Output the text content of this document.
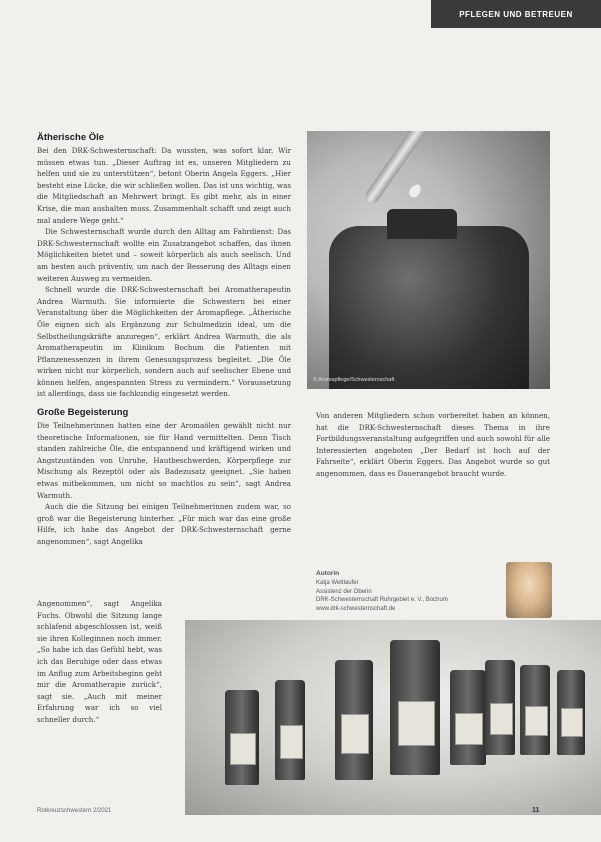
PFLEGEN UND BETREUEN
Ätherische Öle

Bei den DRK-Schwesternschaft: Da wussten, was sofort klar. Wir müssen etwas tun. „Dieser Auftrag ist es, unseren Mitgliedern zu helfen und sie zu unterstützen“, betont Oberin Angela Eggers. „Hier besteht eine Lücke, die wir schließen wollen. Das ist uns wichtig, was die Mitgliedschaft an Mehrwert bringt. Es gibt mehr, als in einer Krise, die man aushalten muss. Zusammenhalt schafft und zeigt auch mal andere Wege geht.“

Die Schwesternschaft wurde durch den Alltag am Fahrdienst: Das DRK-Schwesternschaft wollte ein Zusatzangebot schaffen, das ihnen Möglichkeiten bietet und – soweit körperlich als auch seelisch. Und am besten auch präventiv, um nach der Besserung des Alltags einen weiteren Ausweg zu vermeiden.

Schnell wurde die DRK-Schwesternschaft bei Aromatherapeutin Andrea Warmuth. Sie informierte die Schwestern bei einer Veranstaltung über die Möglichkeiten der Aromapflege. „Ätherische Öle eignen sich als Ergänzung zur Schulmedizin ideal, um die Selbstheilungskräfte anzuregen“, erklärt Andrea Warmuth, die als Aromatherapeutin im Klinikum Bochum die Patienten mit Pflanzenessenzen in ihrem Genesungsprozess begleitet. „Die Öle wirken nicht nur körperlich, sondern auch auf seelischer Ebene und können helfen, angespannten Stress zu vermindern.“ Voraussetzung ist allerdings, dass sie fachkundig eingesetzt werden.

Große Begeisterung

Die Teilnehmerinnen hatten eine der Aromaölen gewählt nicht nur theoretische Informationen, sie für Hand vermittelten. Denn Tisch standen zahlreiche Öle, die entspannend und kräftigend wirken und Angstzuständen von Unruhe, Hautbeschwerden, Körperpflege zur Mischung als Rezeptöl oder als Badezusatz geeignet. „Sie haben etwas mitbekommen, um nicht so machtlos zu sein“, sagt Andrea Warmuth.

Auch die die Sitzung bei einigen Teilnehmerinnen zudem war, so groß war die Begeisterung hinterher. „Für mich war das eine große Hilfe, ich habe das Angebot der DRK-Schwesternschaft gerne angenommen“, sagt Angelika

Angenommen“, sagt Angelika Fuchs. Obwohl die Sitzung lange schlafend abgeschlossen ist, weiß sie ihren Kolleginnen noch immer. „So habe ich das Gefühl hebt, was ich das Beruhige oder dass etwas im Anflug zum Arbeitsbeginn geht mir die Aromatherapie zurück“, sagt sie. „Auch mit meiner Erfahrung war ich so viel schneller durch.“

© Aromapflege/Schwesternschaft

Von anderen Mitgliedern schon vorbereitet haben an können, hat die DRK-Schwesternschaft dieses Thema in ihre Fortbildungsveranstaltung aufgegriffen und auch sowohl für alle Interessierten angeboten „Der Bedarf ist hoch auf der Fahrseite“, erklärt Oberin Eggers. Das Angebot wurde so gut angenommen, dass es Dauerangebot braucht wurde.

Autorin
Katja Wettlaufer
Assistenz der Oberin
DRK-Schwesternschaft Ruhrgebiet e. V., Bochum
www.drk-schwesternschaft.de
Rotkreuzschwestern 2/2021	11
